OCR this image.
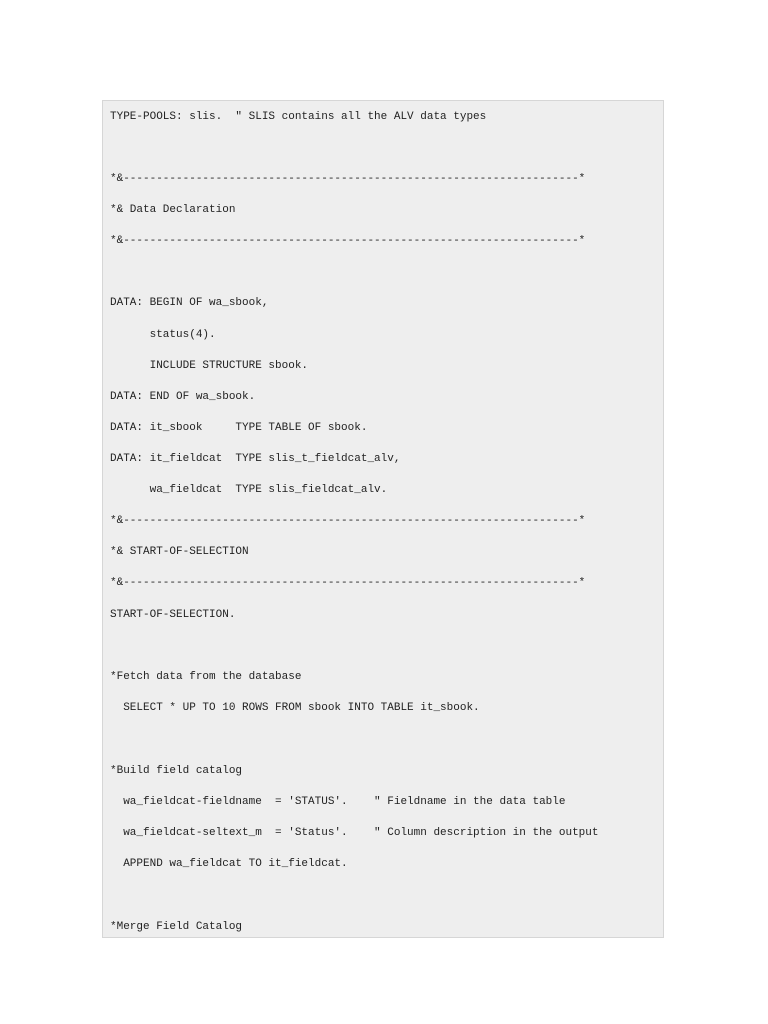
TYPE-POOLS: slis.  " SLIS contains all the ALV data types
*&---------------------------------------------------------------------*
*& Data Declaration
*&---------------------------------------------------------------------*
DATA: BEGIN OF wa_sbook,
status(4).
INCLUDE STRUCTURE sbook.
DATA: END OF wa_sbook.
DATA: it_sbook     TYPE TABLE OF sbook.
DATA: it_fieldcat  TYPE slis_t_fieldcat_alv,
wa_fieldcat  TYPE slis_fieldcat_alv.
*&---------------------------------------------------------------------*
*& START-OF-SELECTION
*&---------------------------------------------------------------------*
START-OF-SELECTION.
*Fetch data from the database
SELECT * UP TO 10 ROWS FROM sbook INTO TABLE it_sbook.
*Build field catalog
wa_fieldcat-fieldname  = 'STATUS'.    " Fieldname in the data table
wa_fieldcat-seltext_m  = 'Status'.    " Column description in the output
APPEND wa_fieldcat TO it_fieldcat.
*Merge Field Catalog
